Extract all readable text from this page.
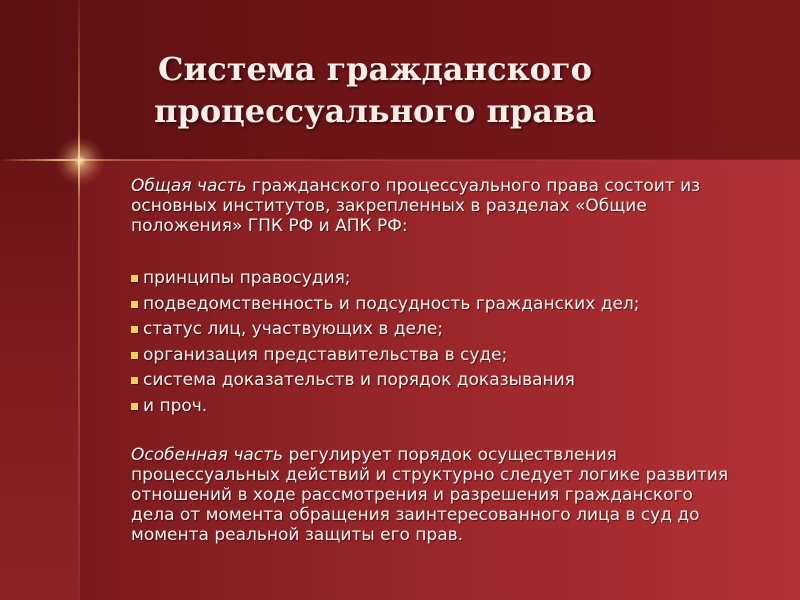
Система гражданского
процессуального права

Общая часть гражданского процессуального права состоит из
основных институтов, закрепленных в разделах «Общие
положения» ГПК РФ и АПК РФ:

принципы правосудия;
подведомственность и подсудность гражданских дел;
статус лиц, участвующих в деле;
организация представительства в суде;
система доказательств и порядок доказывания
и проч.

Особенная часть регулирует порядок осуществления
процессуальных действий и структурно следует логике развития
отношений в ходе рассмотрения и разрешения гражданского
дела от момента обращения заинтересованного лица в суд до
момента реальной защиты его прав.
